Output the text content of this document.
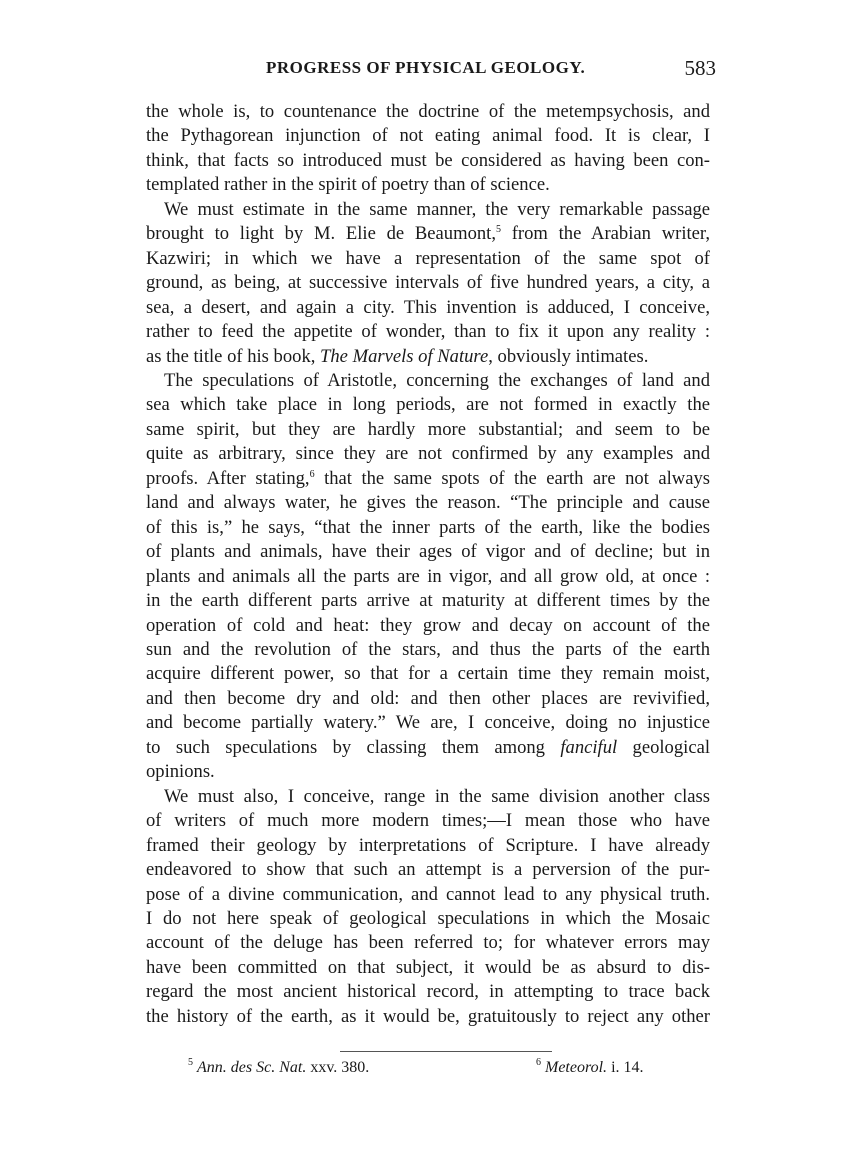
PROGRESS OF PHYSICAL GEOLOGY.	583
the whole is, to countenance the doctrine of the metempsychosis, and
the Pythagorean injunction of not eating animal food. It is clear, I
think, that facts so introduced must be considered as having been con-
templated rather in the spirit of poetry than of science.
We must estimate in the same manner, the very remarkable passage
brought to light by M. Elie de Beaumont,$^5$ from the Arabian writer,
Kazwiri; in which we have a representation of the same spot of
ground, as being, at successive intervals of five hundred years, a city, a
sea, a desert, and again a city. This invention is adduced, I conceive,
rather to feed the appetite of wonder, than to fix it upon any reality :
as the title of his book, The Marvels of Nature, obviously intimates.
The speculations of Aristotle, concerning the exchanges of land and
sea which take place in long periods, are not formed in exactly the
same spirit, but they are hardly more substantial; and seem to be
quite as arbitrary, since they are not confirmed by any examples and
proofs. After stating,$^6$ that the same spots of the earth are not always
land and always water, he gives the reason. “The principle and cause
of this is,” he says, “that the inner parts of the earth, like the bodies
of plants and animals, have their ages of vigor and of decline; but in
plants and animals all the parts are in vigor, and all grow old, at once :
in the earth different parts arrive at maturity at different times by the
operation of cold and heat: they grow and decay on account of the
sun and the revolution of the stars, and thus the parts of the earth
acquire different power, so that for a certain time they remain moist,
and then become dry and old: and then other places are revivified,
and become partially watery.” We are, I conceive, doing no injustice
to such speculations by classing them among fanciful geological
opinions.
We must also, I conceive, range in the same division another class
of writers of much more modern times;—I mean those who have
framed their geology by interpretations of Scripture. I have already
endeavored to show that such an attempt is a perversion of the pur-
pose of a divine communication, and cannot lead to any physical truth.
I do not here speak of geological speculations in which the Mosaic
account of the deluge has been referred to; for whatever errors may
have been committed on that subject, it would be as absurd to dis-
regard the most ancient historical record, in attempting to trace back
the history of the earth, as it would be, gratuitously to reject any other
$^5$ Ann. des Sc. Nat. xxv. 380.	$^6$ Meteorol. i. 14.
